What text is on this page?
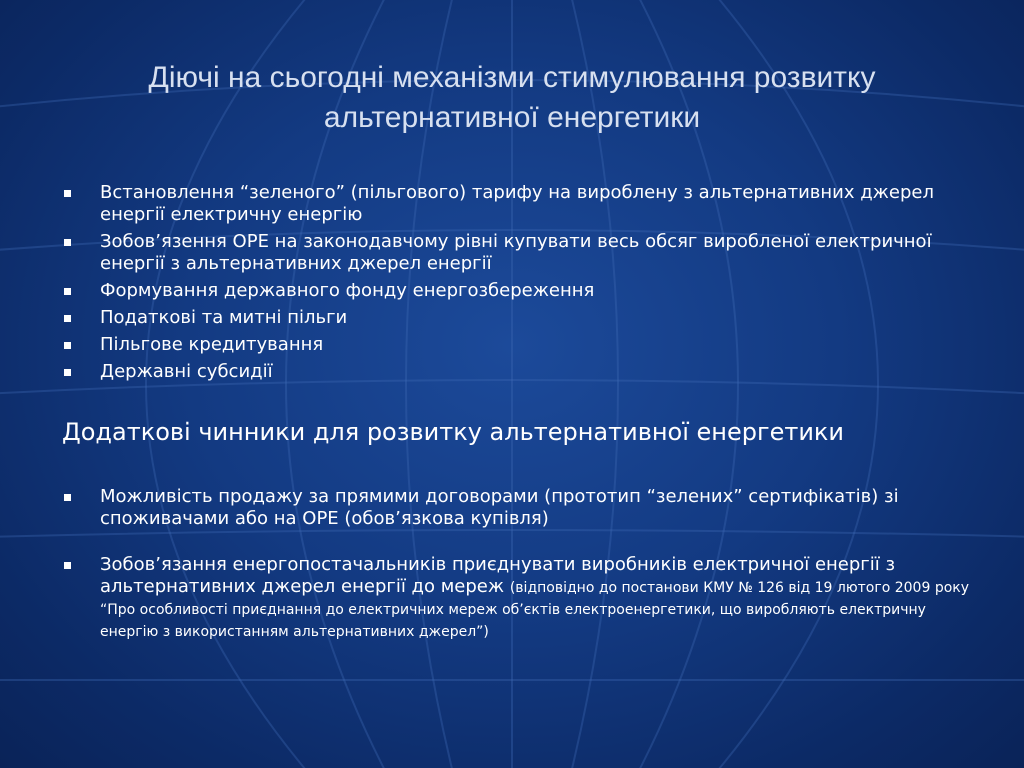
Діючі на сьогодні механізми стимулювання розвитку альтернативної енергетики
Встановлення “зеленого” (пільгового) тарифу на вироблену з альтернативних джерел енергії електричну енергію
Зобов’язення ОРЕ на законодавчому рівні купувати весь обсяг виробленої електричної енергії з альтернативних джерел енергії
Формування державного фонду енергозбереження
Податкові та митні пільги
Пільгове кредитування
Державні субсидії
Додаткові чинники для розвитку альтернативної енергетики
Можливість продажу за прямими договорами (прототип “зелених” сертифікатів) зі споживачами або на ОРЕ (обов’язкова купівля)
Зобов’язання енергопостачальників приєднувати виробників електричної енергії з альтернативних джерел енергії до мереж (відповідно до постанови КМУ № 126 від 19 лютого 2009 року “Про особливості приєднання до електричних мереж об’єктів електроенергетики, що виробляють електричну енергію з використанням альтернативних джерел”)
